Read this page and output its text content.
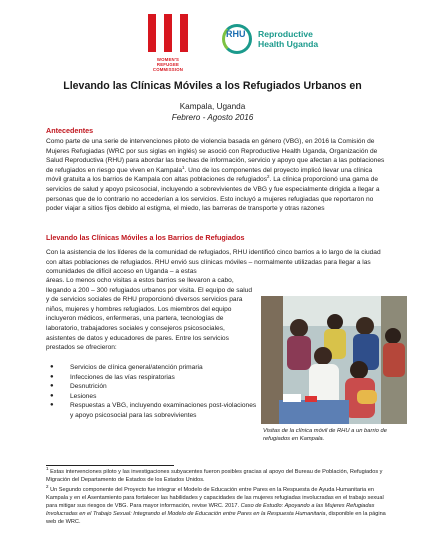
WOMEN'S
REFUGEE
COMMISSION
RHU Reproductive
Health Uganda
Llevando las Clínicas Móviles a los Refugiados Urbanos en
Kampala, Uganda
Febrero - Agosto 2016
Antecedentes
Como parte de una serie de intervenciones piloto de violencia basada en género (VBG), en 2016 la Comisión de Mujeres Refugiadas (WRC por sus siglas en inglés) se asoció con Reproductive Health Uganda, Organización de Salud Reproductiva (RHU) para abordar las brechas de información, servicio y apoyo que afectan a las poblaciones de refugiados en riesgo que viven en Kampala$^1$. Uno de los componentes del proyecto implicó llevar una clínica móvil gratuita a los barrios de Kampala con altas poblaciones de refugiados$^2$. La clínica proporcionó una gama de servicios de salud y apoyo psicosocial, incluyendo a sobrevivientes de VBG y fue especialmente dirigida a llegar a personas que de lo contrario no accederían a los servicios. Esto incluyó a mujeres refugiadas que reportaron no poder viajar a sitios fijos debido al estigma, el miedo, las barreras de transporte y otras razones
Llevando las Clínicas Móviles a los Barrios de Refugiados
Con la asistencia de los líderes de la comunidad de refugiados, RHU identificó cinco barrios a lo largo de la ciudad con altas poblaciones de refugiados. RHU envió sus clínicas móviles – normalmente utilizadas para llegar a las comunidades de difícil acceso en Uganda – a estas
áreas. Lo menos ocho visitas a estos barrios se llevaron a cabo, llegando a 200 – 300 refugiados urbanos por visita. El equipo de salud y de servicios sociales de RHU proporcionó diversos servicios para niños, mujeres y hombres refugiados. Los miembros del equipo incluyeron médicos, enfermeras, una partera, tecnologías de laboratorio, trabajadores sociales y consejeros psicosociales, asistentes de datos y educadores de pares. Entre los servicios prestados se ofrecieron:
● Servicios de clínica general/atención primaria
● Infecciones de las vías respiratorias
● Desnutrición
● Lesiones
● Respuestas a VBG, incluyendo examinaciones post-violaciones y apoyo psicosocial para las sobrevivientes
Visitas de la clínica móvil de RHU a un barrio de refugiados en Kampala.
$^1$ Estas intervenciones piloto y las investigaciones subyacentes fueron posibles gracias al apoyo del Bureau de Población, Refugiados y Migración del Departamento de Estados de los Estados Unidos.
$^2$ Un Segundo componente del Proyecto fue integrar el Modelo de Educación entre Pares en la Respuesta de Ayuda Humanitaria en Kampala y en el Asentamiento para fortalecer las habilidades y capacidades de las mujeres refugiadas involucradas en el trabajo sexual para mitigar sus riesgos de VBG. Para mayor información, revise WRC. 2017. Caso de Estudio: Apoyando a las Mujeres Refugiadas Involucradas en el Trabajo Sexual: Integrando el Modelo de Educación entre Pares en la Respuesta Humanitaria, disponible en la página web de WRC.
